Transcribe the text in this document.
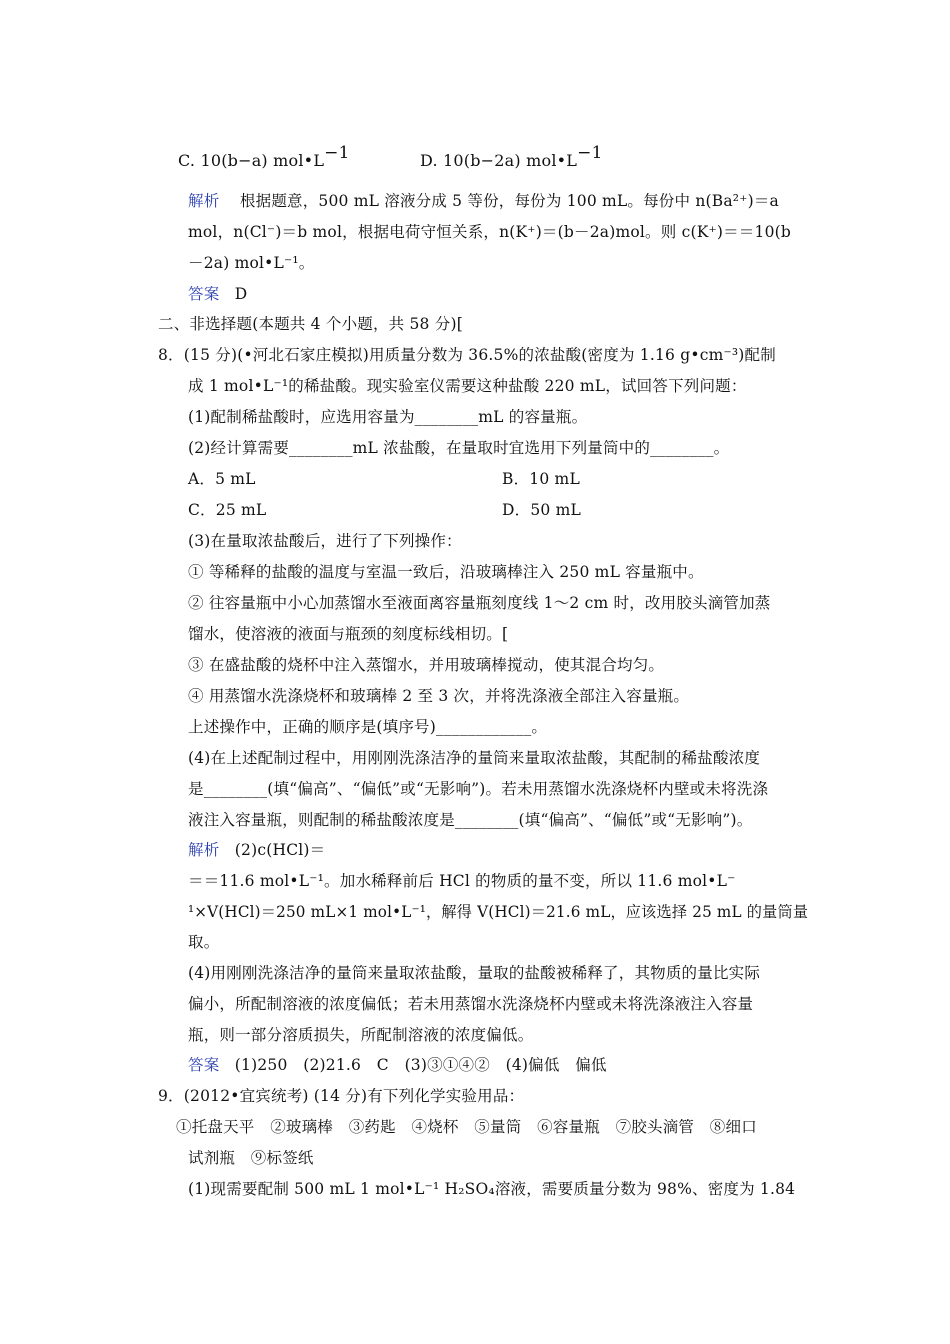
C. 10(b−a) mol•L−1	D. 10(b−2a) mol•L−1
解析 根据题意，500 mL 溶液分成 5 等份，每份为 100 mL。每份中 n(Ba²⁺)＝a
mol，n(Cl⁻)＝b mol，根据电荷守恒关系，n(K⁺)＝(b－2a)mol。则 c(K⁺)＝＝10(b
－2a) mol•L⁻¹。
答案 D
二、非选择题(本题共 4 个小题，共 58 分)[
8．(15 分)(•河北石家庄模拟)用质量分数为 36.5%的浓盐酸(密度为 1.16 g•cm⁻³)配制
成 1 mol•L⁻¹的稀盐酸。现实验室仪需要这种盐酸 220 mL，试回答下列问题：
(1)配制稀盐酸时，应选用容量为________mL 的容量瓶。
(2)经计算需要________mL 浓盐酸，在量取时宜选用下列量筒中的________。
A．5 mL	B．10 mL
C．25 mL	D．50 mL
(3)在量取浓盐酸后，进行了下列操作：
① 等稀释的盐酸的温度与室温一致后，沿玻璃棒注入 250 mL 容量瓶中。
② 往容量瓶中小心加蒸馏水至液面离容量瓶刻度线 1～2 cm 时，改用胶头滴管加蒸
馏水，使溶液的液面与瓶颈的刻度标线相切。[
③ 在盛盐酸的烧杯中注入蒸馏水，并用玻璃棒搅动，使其混合均匀。
④ 用蒸馏水洗涤烧杯和玻璃棒 2 至 3 次，并将洗涤液全部注入容量瓶。
上述操作中，正确的顺序是(填序号)____________。
(4)在上述配制过程中，用刚刚洗涤洁净的量筒来量取浓盐酸，其配制的稀盐酸浓度
是________(填“偏高”、“偏低”或“无影响”)。若未用蒸馏水洗涤烧杯内壁或未将洗涤
液注入容量瓶，则配制的稀盐酸浓度是________(填“偏高”、“偏低”或“无影响”)。
解析 (2)c(HCl)＝
＝＝11.6 mol•L⁻¹。加水稀释前后 HCl 的物质的量不变，所以 11.6 mol•L⁻
¹×V(HCl)＝250 mL×1 mol•L⁻¹，解得 V(HCl)＝21.6 mL，应该选择 25 mL 的量筒量
取。
(4)用刚刚洗涤洁净的量筒来量取浓盐酸，量取的盐酸被稀释了，其物质的量比实际
偏小，所配制溶液的浓度偏低；若未用蒸馏水洗涤烧杯内壁或未将洗涤液注入容量
瓶，则一部分溶质损失，所配制溶液的浓度偏低。
答案 (1)250　(2)21.6　C　(3)③①④②　(4)偏低　偏低
9．(2012•宜宾统考) (14 分)有下列化学实验用品：
①托盘天平　②玻璃棒　③药匙　④烧杯　⑤量筒　⑥容量瓶　⑦胶头滴管　⑧细口
试剂瓶　⑨标签纸
(1)现需要配制 500 mL 1 mol•L⁻¹ H₂SO₄溶液，需要质量分数为 98%、密度为 1.84
